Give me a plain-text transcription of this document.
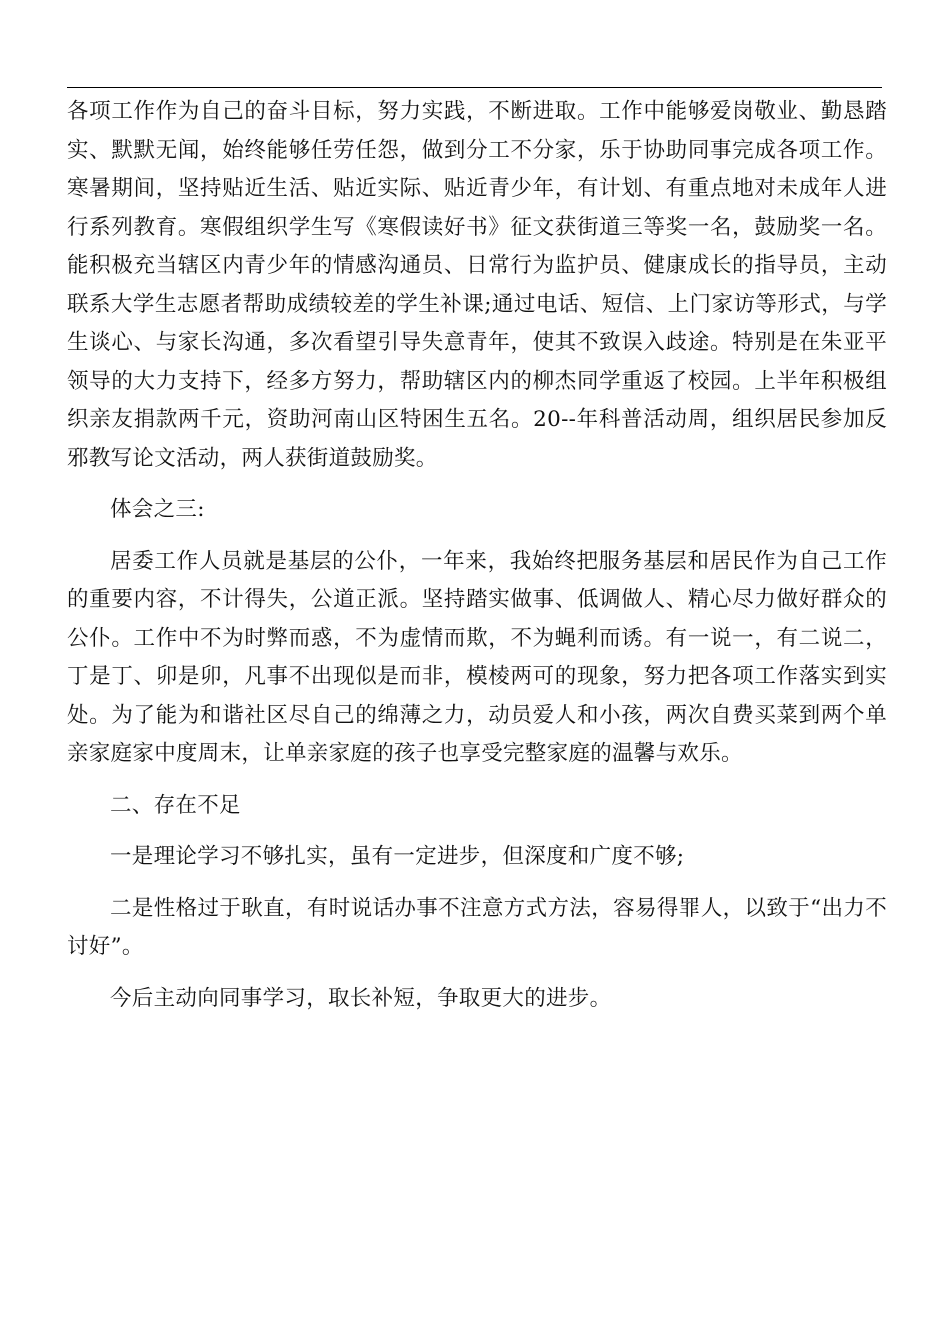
各项工作作为自己的奋斗目标，努力实践，不断进取。工作中能够爱岗敬业、勤恳踏实、默默无闻，始终能够任劳任怨，做到分工不分家，乐于协助同事完成各项工作。寒暑期间，坚持贴近生活、贴近实际、贴近青少年，有计划、有重点地对未成年人进行系列教育。寒假组织学生写《寒假读好书》征文获街道三等奖一名，鼓励奖一名。能积极充当辖区内青少年的情感沟通员、日常行为监护员、健康成长的指导员，主动联系大学生志愿者帮助成绩较差的学生补课;通过电话、短信、上门家访等形式，与学生谈心、与家长沟通，多次看望引导失意青年，使其不致误入歧途。特别是在朱亚平领导的大力支持下，经多方努力，帮助辖区内的柳杰同学重返了校园。上半年积极组织亲友捐款两千元，资助河南山区特困生五名。20--年科普活动周，组织居民参加反邪教写论文活动，两人获街道鼓励奖。

体会之三:

居委工作人员就是基层的公仆，一年来，我始终把服务基层和居民作为自己工作的重要内容，不计得失，公道正派。坚持踏实做事、低调做人、精心尽力做好群众的公仆。工作中不为时弊而惑，不为虚情而欺，不为蝇利而诱。有一说一，有二说二，丁是丁、卯是卯，凡事不出现似是而非，模棱两可的现象，努力把各项工作落实到实处。为了能为和谐社区尽自己的绵薄之力，动员爱人和小孩，两次自费买菜到两个单亲家庭家中度周末，让单亲家庭的孩子也享受完整家庭的温馨与欢乐。

二、存在不足

一是理论学习不够扎实，虽有一定进步，但深度和广度不够;

二是性格过于耿直，有时说话办事不注意方式方法，容易得罪人，以致于“出力不讨好”。

今后主动向同事学习，取长补短，争取更大的进步。
